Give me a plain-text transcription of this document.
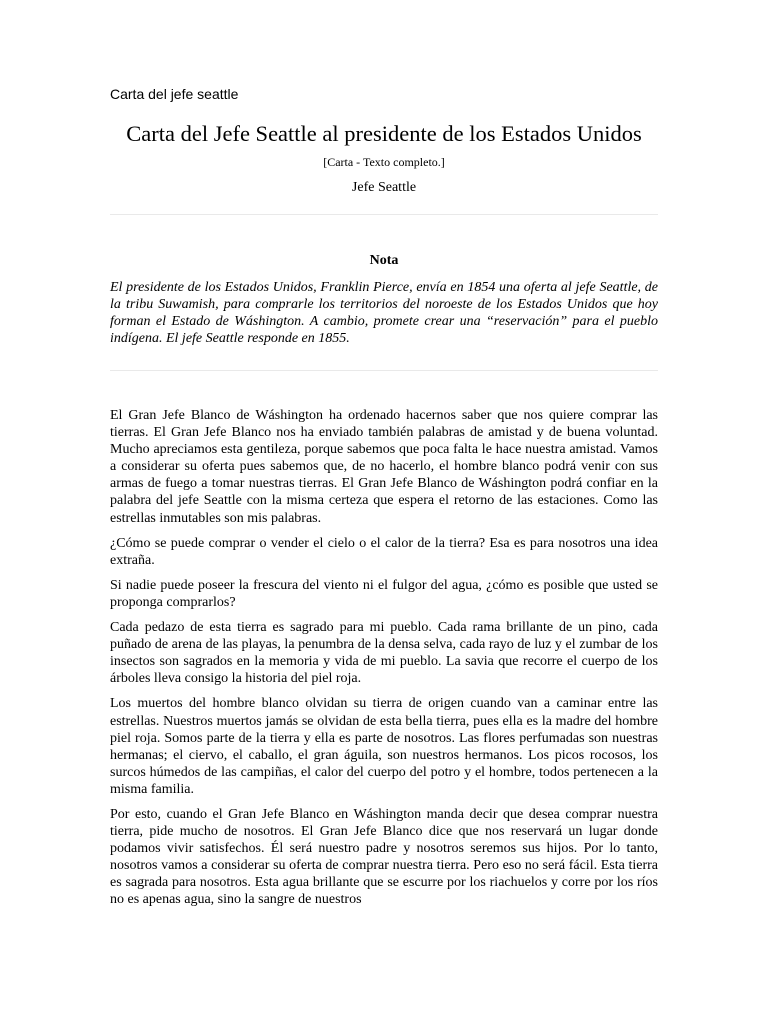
Carta del jefe seattle
Carta del Jefe Seattle al presidente de los Estados Unidos

[Carta - Texto completo.]

Jefe Seattle

Nota

El presidente de los Estados Unidos, Franklin Pierce, envía en 1854 una oferta al jefe Seattle, de la tribu Suwamish, para comprarle los territorios del noroeste de los Estados Unidos que hoy forman el Estado de Wáshington. A cambio, promete crear una “reservación” para el pueblo indígena. El jefe Seattle responde en 1855.

El Gran Jefe Blanco de Wáshington ha ordenado hacernos saber que nos quiere comprar las tierras. El Gran Jefe Blanco nos ha enviado también palabras de amistad y de buena voluntad. Mucho apreciamos esta gentileza, porque sabemos que poca falta le hace nuestra amistad. Vamos a considerar su oferta pues sabemos que, de no hacerlo, el hombre blanco podrá venir con sus armas de fuego a tomar nuestras tierras. El Gran Jefe Blanco de Wáshington podrá confiar en la palabra del jefe Seattle con la misma certeza que espera el retorno de las estaciones. Como las estrellas inmutables son mis palabras.

¿Cómo se puede comprar o vender el cielo o el calor de la tierra? Esa es para nosotros una idea extraña.

Si nadie puede poseer la frescura del viento ni el fulgor del agua, ¿cómo es posible que usted se proponga comprarlos?

Cada pedazo de esta tierra es sagrado para mi pueblo. Cada rama brillante de un pino, cada puñado de arena de las playas, la penumbra de la densa selva, cada rayo de luz y el zumbar de los insectos son sagrados en la memoria y vida de mi pueblo. La savia que recorre el cuerpo de los árboles lleva consigo la historia del piel roja.

Los muertos del hombre blanco olvidan su tierra de origen cuando van a caminar entre las estrellas. Nuestros muertos jamás se olvidan de esta bella tierra, pues ella es la madre del hombre piel roja. Somos parte de la tierra y ella es parte de nosotros. Las flores perfumadas son nuestras hermanas; el ciervo, el caballo, el gran águila, son nuestros hermanos. Los picos rocosos, los surcos húmedos de las campiñas, el calor del cuerpo del potro y el hombre, todos pertenecen a la misma familia.

Por esto, cuando el Gran Jefe Blanco en Wáshington manda decir que desea comprar nuestra tierra, pide mucho de nosotros. El Gran Jefe Blanco dice que nos reservará un lugar donde podamos vivir satisfechos. Él será nuestro padre y nosotros seremos sus hijos. Por lo tanto, nosotros vamos a considerar su oferta de comprar nuestra tierra. Pero eso no será fácil. Esta tierra es sagrada para nosotros. Esta agua brillante que se escurre por los riachuelos y corre por los ríos no es apenas agua, sino la sangre de nuestros
